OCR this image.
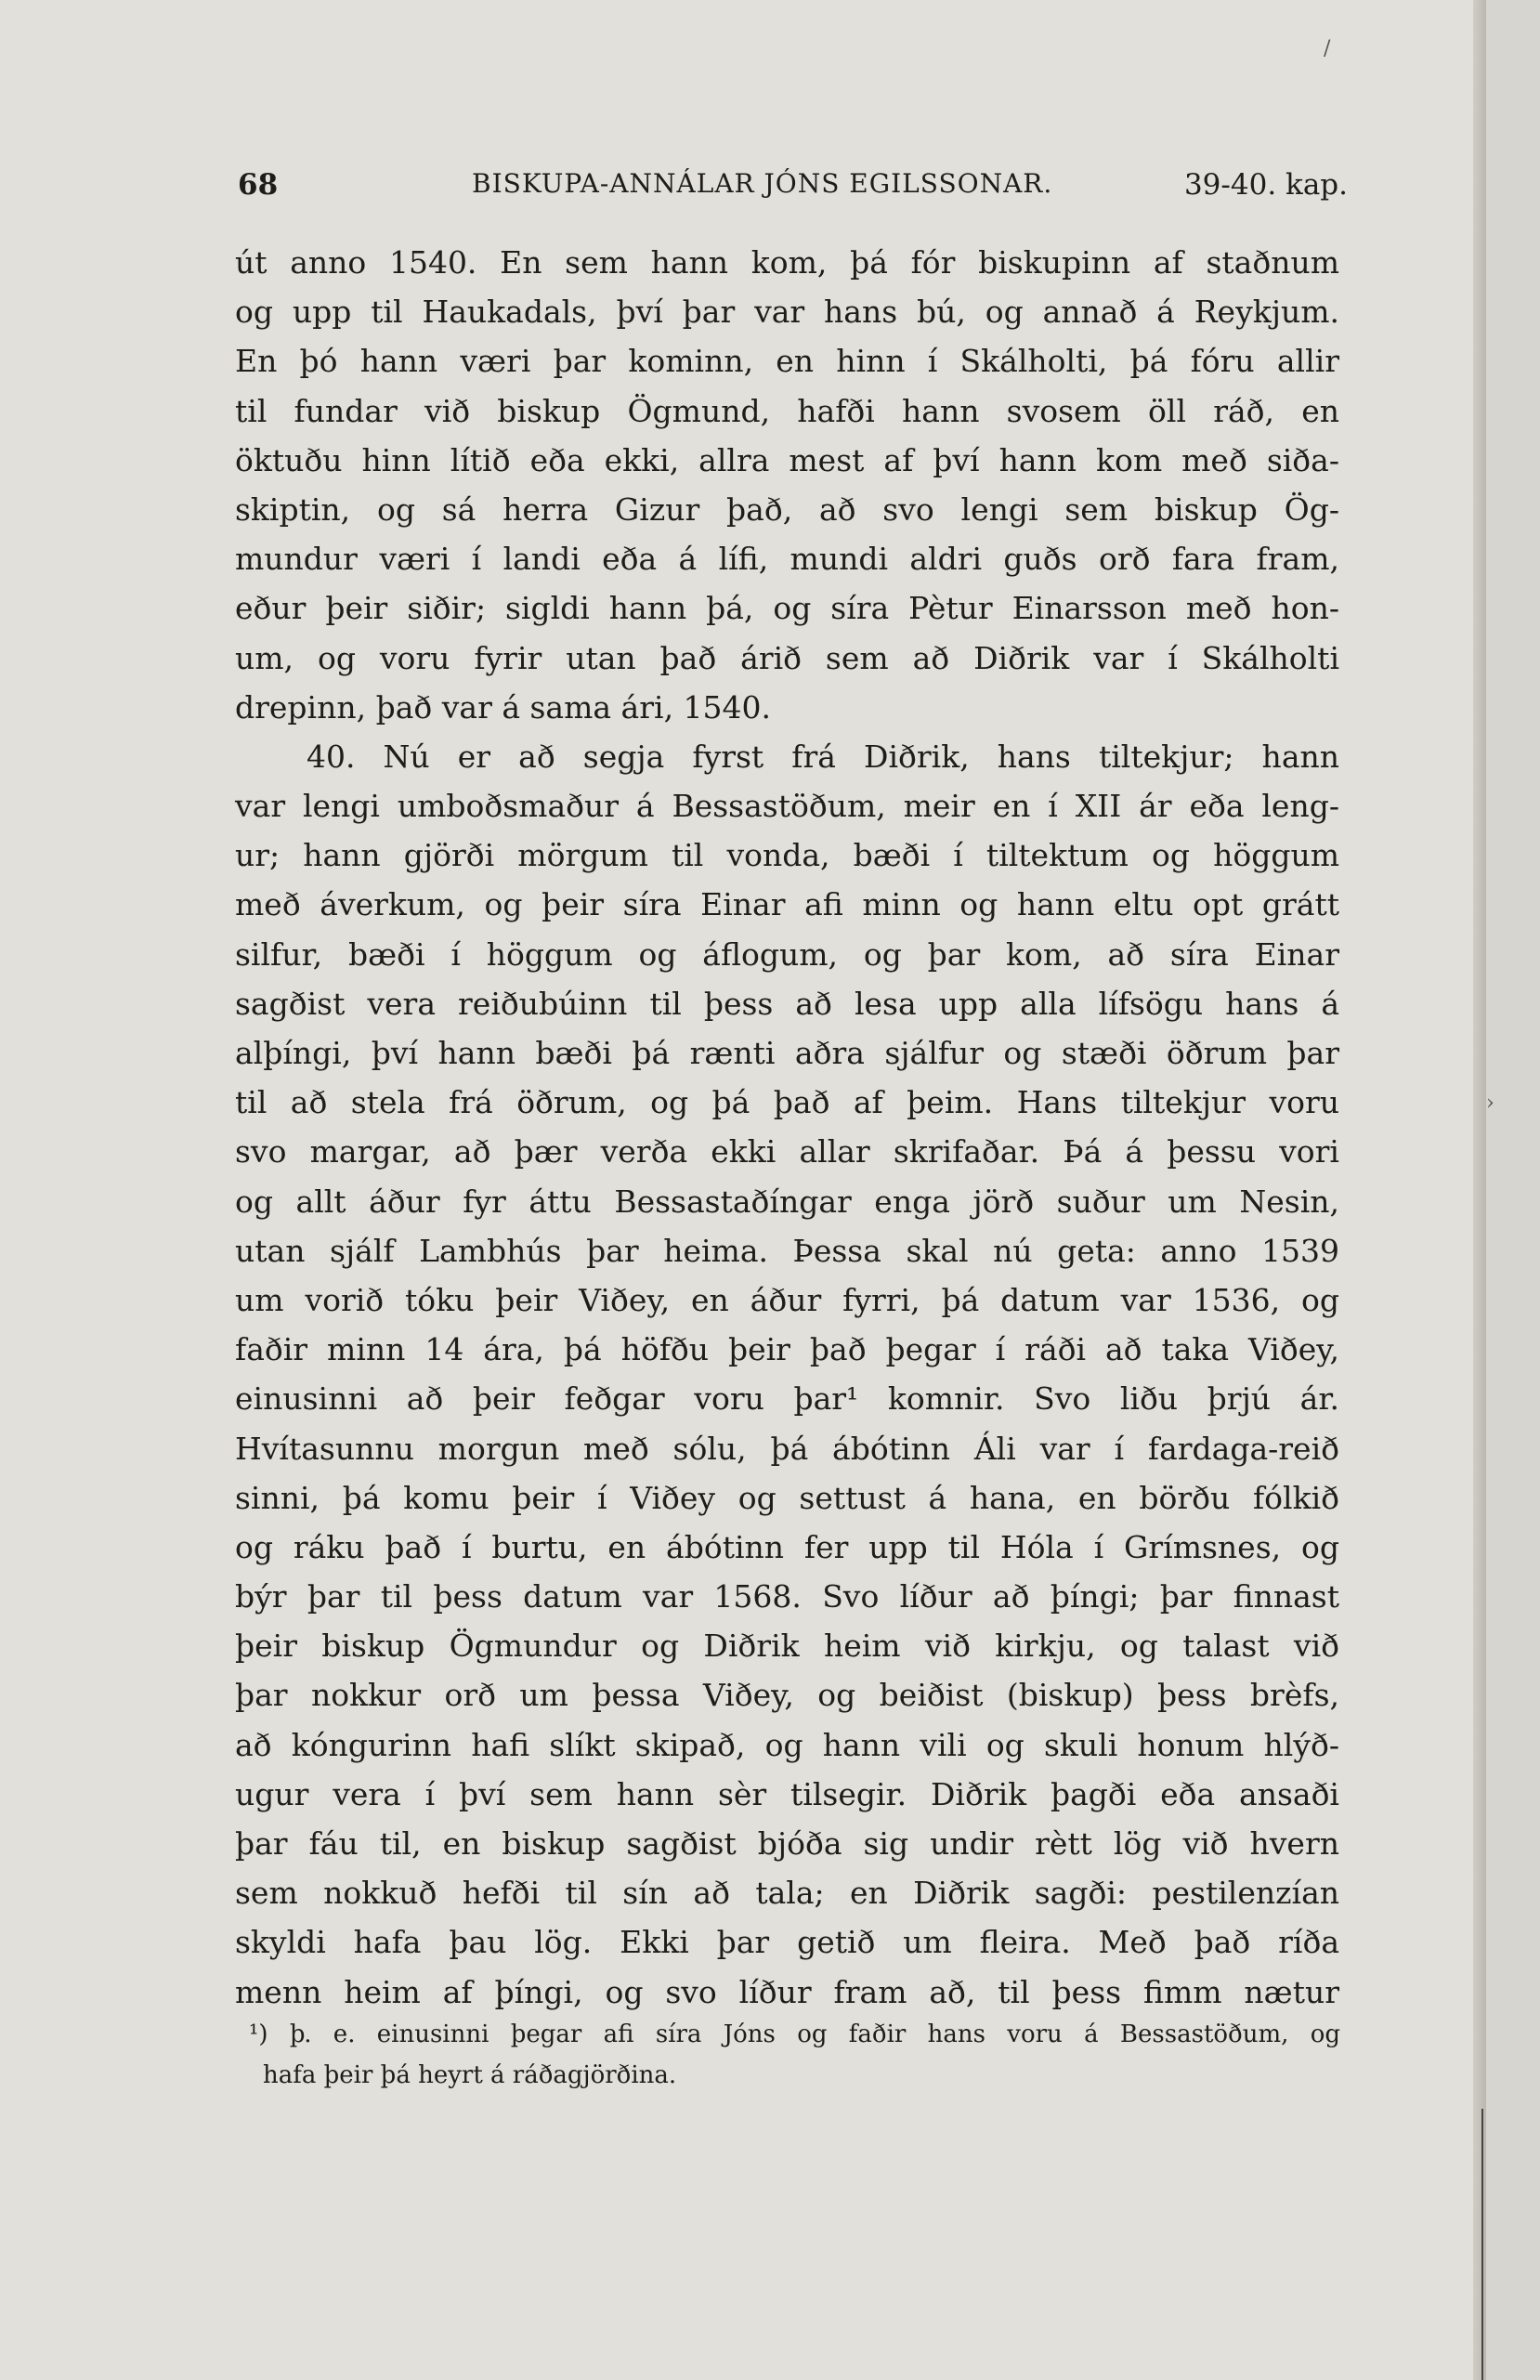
68	BISKUPA-ANNÁLAR JÓNS EGILSSONAR.	39-40. kap.
út anno 1540. En sem hann kom, þá fór biskupinn af staðnum
og upp til Haukadals, því þar var hans bú, og annað á Reykjum.
En þó hann væri þar kominn, en hinn í Skálholti, þá fóru allir
til fundar við biskup Ögmund, hafði hann svosem öll ráð, en
öktuðu hinn lítið eða ekki, allra mest af því hann kom með siða-
skiptin, og sá herra Gizur það, að svo lengi sem biskup Ög-
mundur væri í landi eða á lífi, mundi aldri guðs orð fara fram,
eður þeir siðir; sigldi hann þá, og síra Pètur Einarsson með hon-
um, og voru fyrir utan það árið sem að Diðrik var í Skálholti
drepinn, það var á sama ári, 1540.
40. Nú er að segja fyrst frá Diðrik, hans tiltekjur; hann
var lengi umboðsmaður á Bessastöðum, meir en í XII ár eða leng-
ur; hann gjörði mörgum til vonda, bæði í tiltektum og höggum
með áverkum, og þeir síra Einar afi minn og hann eltu opt grátt
silfur, bæði í höggum og áflogum, og þar kom, að síra Einar
sagðist vera reiðubúinn til þess að lesa upp alla lífsögu hans á
alþíngi, því hann bæði þá rænti aðra sjálfur og stæði öðrum þar
til að stela frá öðrum, og þá það af þeim. Hans tiltekjur voru
svo margar, að þær verða ekki allar skrifaðar. Þá á þessu vori
og allt áður fyr áttu Bessastaðíngar enga jörð suður um Nesin,
utan sjálf Lambhús þar heima. Þessa skal nú geta: anno 1539
um vorið tóku þeir Viðey, en áður fyrri, þá datum var 1536, og
faðir minn 14 ára, þá höfðu þeir það þegar í ráði að taka Viðey,
einusinni að þeir feðgar voru þar¹ komnir. Svo liðu þrjú ár.
Hvítasunnu morgun með sólu, þá ábótinn Áli var í fardaga-reið
sinni, þá komu þeir í Viðey og settust á hana, en börðu fólkið
og ráku það í burtu, en ábótinn fer upp til Hóla í Grímsnes, og
býr þar til þess datum var 1568. Svo líður að þíngi; þar finnast
þeir biskup Ögmundur og Diðrik heim við kirkju, og talast við
þar nokkur orð um þessa Viðey, og beiðist (biskup) þess brèfs,
að kóngurinn hafi slíkt skipað, og hann vili og skuli honum hlýð-
ugur vera í því sem hann sèr tilsegir. Diðrik þagði eða ansaði
þar fáu til, en biskup sagðist bjóða sig undir rètt lög við hvern
sem nokkuð hefði til sín að tala; en Diðrik sagði: pestilenzían
skyldi hafa þau lög. Ekki þar getið um fleira. Með það ríða
menn heim af þíngi, og svo líður fram að, til þess fimm nætur
¹) þ. e. einusinni þegar afi síra Jóns og faðir hans voru á Bessastöðum, og
hafa þeir þá heyrt á ráðagjörðina.
/
›
